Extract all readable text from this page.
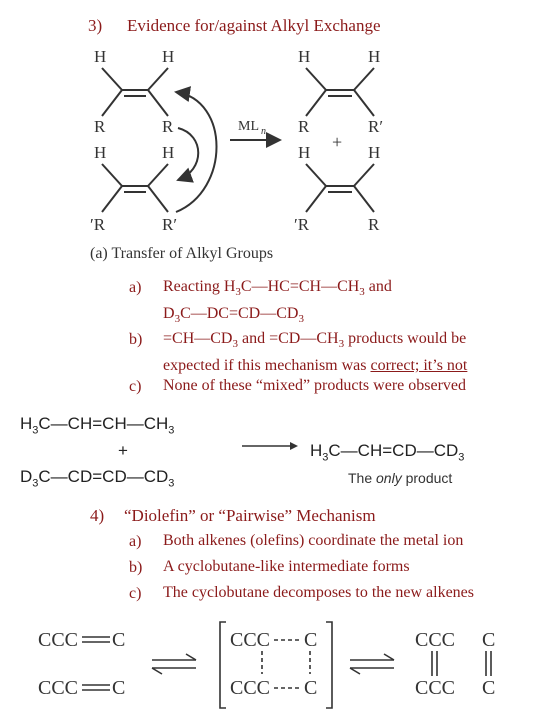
3) Evidence for/against Alkyl Exchange
H	H
R	R
H	H
′R	R′
H	H
R	R′
H	H
′R	R
+
ML n
(a) Transfer of Alkyl Groups
a) Reacting $H_3C—HC=CH—CH_3$ and
$D_3C—DC=CD—CD_3$
$b) =CH—CD_3$ and $=CD—CH_3$ products would be
expected if this mechanism was correct; it’s not
c) None of these “mixed” products were observed
$H_3C—CH=CH—CH_3$
+
$D_3C—CD=CD—CD_3$
→ $H_3C—CH=CD—CD_3$
The only product
4) “Diolefin” or “Pairwise” Mechanism
a) Both alkenes (olefins) coordinate the metal ion
b) A cyclobutane-like intermediate forms
c) The cyclobutane decomposes to the new alkenes
CCC C
CCC C
CCC C
CCC C
CCC C
CCC C
